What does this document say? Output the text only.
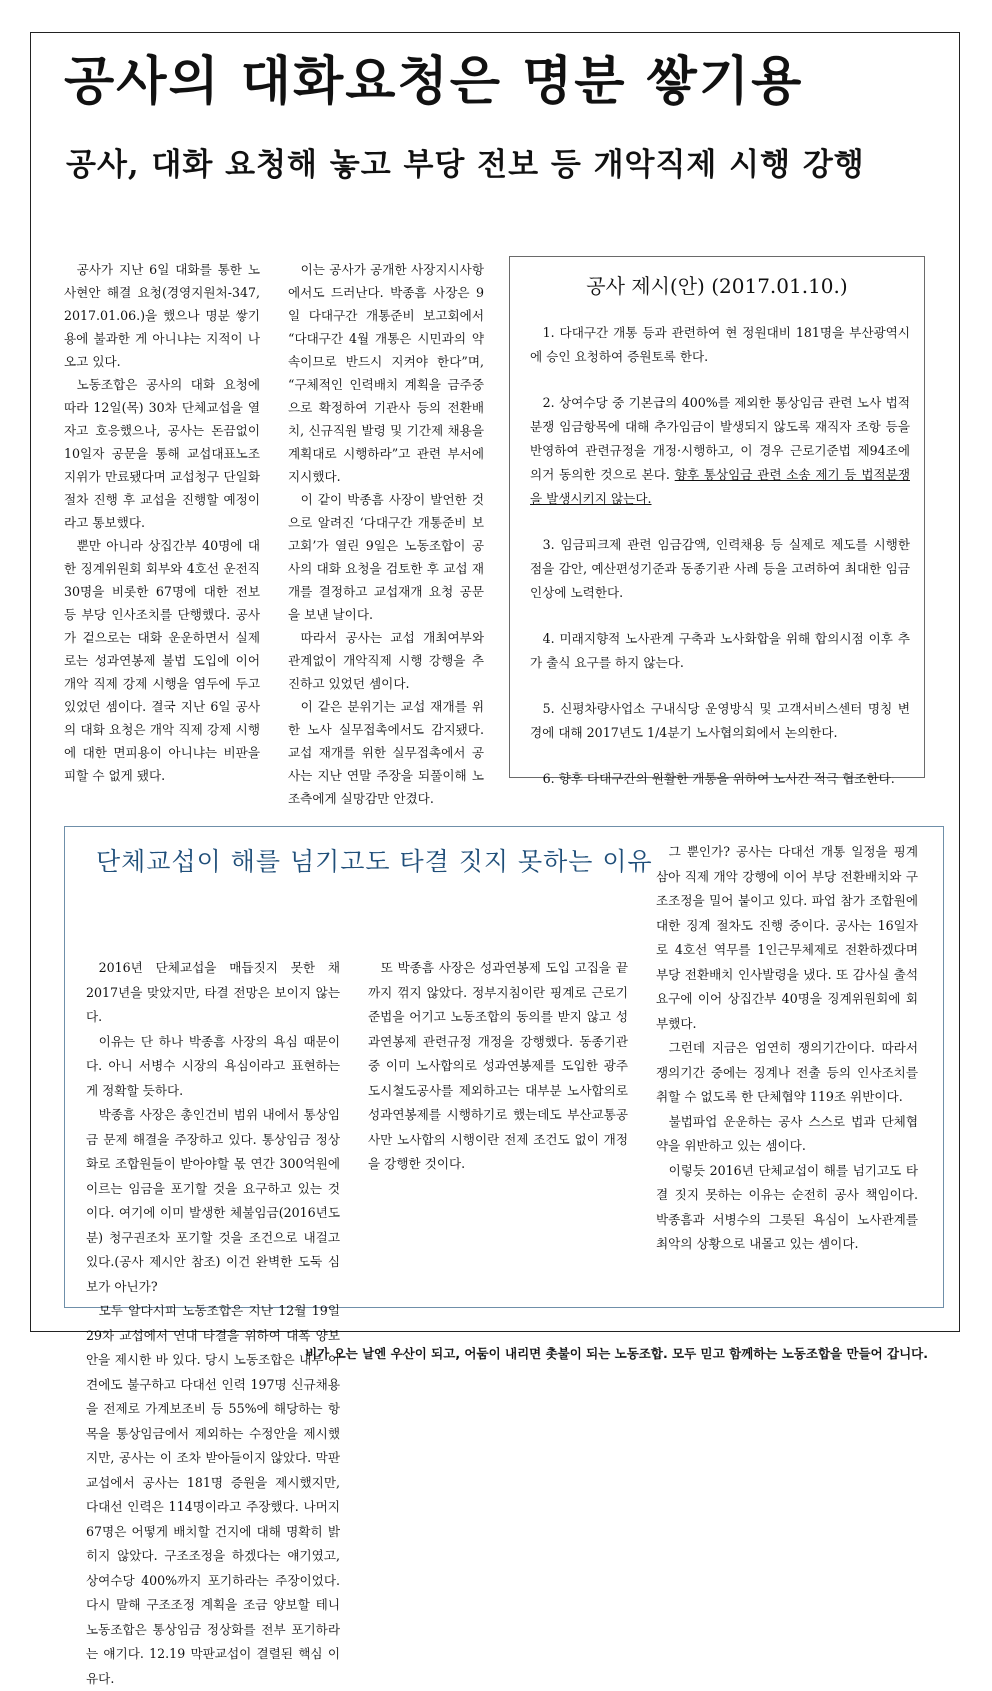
공사의 대화요청은 명분 쌓기용
공사, 대화 요청해 놓고 부당 전보 등 개악직제 시행 강행

공사가 지난 6일 대화를 통한 노사현안 해결 요청(경영지원처-347, 2017.01.06.)을 했으나 명분 쌓기용에 불과한 게 아니냐는 지적이 나오고 있다.

노동조합은 공사의 대화 요청에 따라 12일(목) 30차 단체교섭을 열자고 호응했으나, 공사는 돈끔없이 10일자 공문을 통해 교섭대표노조 지위가 만료됐다며 교섭청구 단일화 절차 진행 후 교섭을 진행할 예정이라고 통보했다.

뿐만 아니라 상집간부 40명에 대한 징계위원회 회부와 4호선 운전직 30명을 비롯한 67명에 대한 전보 등 부당 인사조치를 단행했다. 공사가 겉으로는 대화 운운하면서 실제로는 성과연봉제 불법 도입에 이어 개악 직제 강제 시행을 염두에 두고 있었던 셈이다. 결국 지난 6일 공사의 대화 요청은 개악 직제 강제 시행에 대한 면피용이 아니냐는 비판을 피할 수 없게 됐다.

이는 공사가 공개한 사장지시사항에서도 드러난다. 박종흠 사장은 9일 다대구간 개통준비 보고회에서 “다대구간 4월 개통은 시민과의 약속이므로 반드시 지켜야 한다”며, “구체적인 인력배치 계획을 금주중으로 확정하여 기관사 등의 전환배치, 신규직원 발령 및 기간제 채용을 계획대로 시행하라”고 관련 부서에 지시했다.

이 같이 박종흠 사장이 발언한 것으로 알려진 ‘다대구간 개통준비 보고회’가 열린 9일은 노동조합이 공사의 대화 요청을 검토한 후 교섭 재개를 결정하고 교섭재개 요청 공문을 보낸 날이다.

따라서 공사는 교섭 개최여부와 관계없이 개악직제 시행 강행을 추진하고 있었던 셈이다.

이 같은 분위기는 교섭 재개를 위한 노사 실무접촉에서도 감지됐다. 교섭 재개를 위한 실무접촉에서 공사는 지난 연말 주장을 되풀이해 노조측에게 실망감만 안겼다.

공사 제시(안) (2017.01.10.)

1. 다대구간 개통 등과 관련하여 현 정원대비 181명을 부산광역시에 승인 요청하여 증원토록 한다.

2. 상여수당 중 기본급의 400%를 제외한 통상임금 관련 노사 법적 분쟁 임금항목에 대해 추가임금이 발생되지 않도록 재직자 조항 등을 반영하여 관련규정을 개정·시행하고, 이 경우 근로기준법 제94조에 의거 동의한 것으로 본다. 향후 통상임금 관련 소송 제기 등 법적분쟁을 발생시키지 않는다.

3. 임금피크제 관련 임금감액, 인력채용 등 실제로 제도를 시행한 점을 감안, 예산편성기준과 동종기관 사례 등을 고려하여 최대한 임금인상에 노력한다.

4. 미래지향적 노사관계 구축과 노사화합을 위해 합의시점 이후 추가 출식 요구를 하지 않는다.

5. 신평차량사업소 구내식당 운영방식 및 고객서비스센터 명칭 변경에 대해 2017년도 1/4분기 노사협의회에서 논의한다.

6. 향후 다대구간의 원활한 개통을 위하여 노사간 적극 협조한다.

단체교섭이 해를 넘기고도 타결 짓지 못하는 이유

2016년 단체교섭을 매듭짓지 못한 채 2017년을 맞았지만, 타결 전망은 보이지 않는다.

이유는 단 하나 박종흠 사장의 욕심 때문이다. 아니 서병수 시장의 욕심이라고 표현하는 게 정확할 듯하다.

박종흠 사장은 총인건비 범위 내에서 통상임금 문제 해결을 주장하고 있다. 통상임금 정상화로 조합원들이 받아야할 몫 연간 300억원에 이르는 임금을 포기할 것을 요구하고 있는 것이다. 여기에 이미 발생한 체불임금(2016년도분) 청구권조차 포기할 것을 조건으로 내걸고 있다.(공사 제시안 참조) 이건 완벽한 도둑 심보가 아닌가?

모두 알다시피 노동조합은 지난 12월 19일 29차 교섭에서 연내 타결을 위하여 대폭 양보안을 제시한 바 있다. 당시 노동조합은 내부 이견에도 불구하고 다대선 인력 197명 신규채용을 전제로 가계보조비 등 55%에 해당하는 항목을 통상임금에서 제외하는 수정안을 제시했지만, 공사는 이 조차 받아들이지 않았다. 막판 교섭에서 공사는 181명 증원을 제시했지만, 다대선 인력은 114명이라고 주장했다. 나머지 67명은 어떻게 배치할 건지에 대해 명확히 밝히지 않았다. 구조조정을 하겠다는 얘기였고, 상여수당 400%까지 포기하라는 주장이었다. 다시 말해 구조조정 계획을 조금 양보할 테니 노동조합은 통상임금 정상화를 전부 포기하라는 얘기다. 12.19 막판교섭이 결렬된 핵심 이유다.

또 박종흠 사장은 성과연봉제 도입 고집을 끝까지 꺾지 않았다. 정부지침이란 핑계로 근로기준법을 어기고 노동조합의 동의를 받지 않고 성과연봉제 관련규정 개정을 강행했다. 동종기관 중 이미 노사합의로 성과연봉제를 도입한 광주도시철도공사를 제외하고는 대부분 노사합의로 성과연봉제를 시행하기로 했는데도 부산교통공사만 노사합의 시행이란 전제 조건도 없이 개정을 강행한 것이다.

그 뿐인가? 공사는 다대선 개통 일정을 핑계삼아 직제 개악 강행에 이어 부당 전환배치와 구조조정을 밀어 붙이고 있다. 파업 참가 조합원에 대한 징계 절차도 진행 중이다. 공사는 16일자로 4호선 역무를 1인근무체제로 전환하겠다며 부당 전환배치 인사발령을 냈다. 또 감사실 출석요구에 이어 상집간부 40명을 징계위원회에 회부했다.

그런데 지금은 엄연히 쟁의기간이다. 따라서 쟁의기간 중에는 징계나 전출 등의 인사조치를 취할 수 없도록 한 단체협약 119조 위반이다.

불법파업 운운하는 공사 스스로 법과 단체협약을 위반하고 있는 셈이다.

이렇듯 2016년 단체교섭이 해를 넘기고도 타결 짓지 못하는 이유는 순전히 공사 책임이다. 박종흠과 서병수의 그릇된 욕심이 노사관계를 최악의 상황으로 내몰고 있는 셈이다.

비가 오는 날엔 우산이 되고, 어둠이 내리면 촛불이 되는 노동조합. 모두 믿고 함께하는 노동조합을 만들어 갑니다.
